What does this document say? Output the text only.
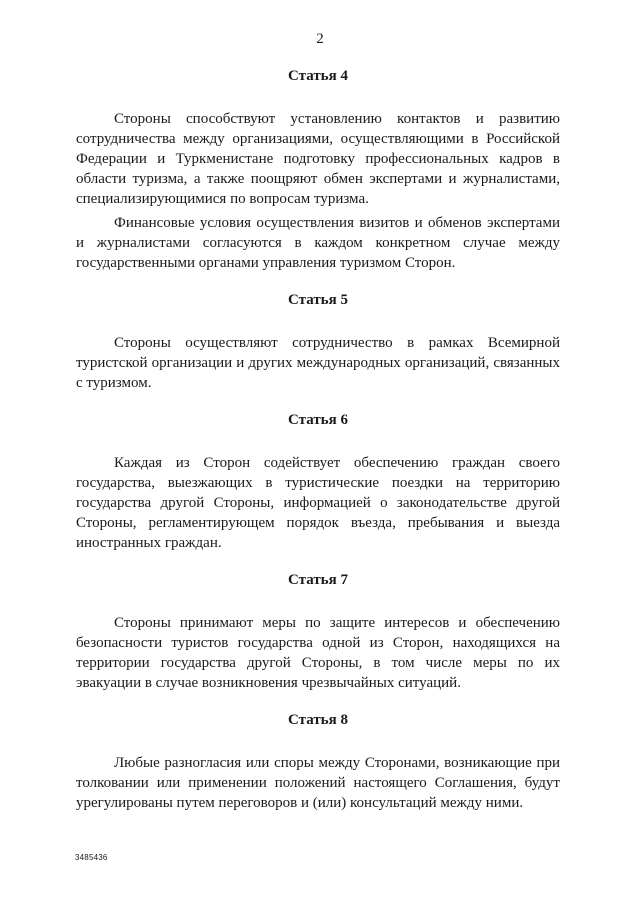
2
Статья 4

Стороны способствуют установлению контактов и развитию сотрудничества между организациями, осуществляющими в Российской Федерации и Туркменистане подготовку профессиональных кадров в области туризма, а также поощряют обмен экспертами и журналистами, специализирующимися по вопросам туризма.

Финансовые условия осуществления визитов и обменов экспертами и журналистами согласуются в каждом конкретном случае между государственными органами управления туризмом Сторон.

Статья 5

Стороны осуществляют сотрудничество в рамках Всемирной туристской организации и других международных организаций, связанных с туризмом.

Статья 6

Каждая из Сторон содействует обеспечению граждан своего государства, выезжающих в туристические поездки на территорию государства другой Стороны, информацией о законодательстве другой Стороны, регламентирующем порядок въезда, пребывания и выезда иностранных граждан.

Статья 7

Стороны принимают меры по защите интересов и обеспечению безопасности туристов государства одной из Сторон, находящихся на территории государства другой Стороны, в том числе меры по их эвакуации в случае возникновения чрезвычайных ситуаций.

Статья 8

Любые разногласия или споры между Сторонами, возникающие при толковании или применении положений настоящего Соглашения, будут урегулированы путем переговоров и (или) консультаций между ними.

3485436
